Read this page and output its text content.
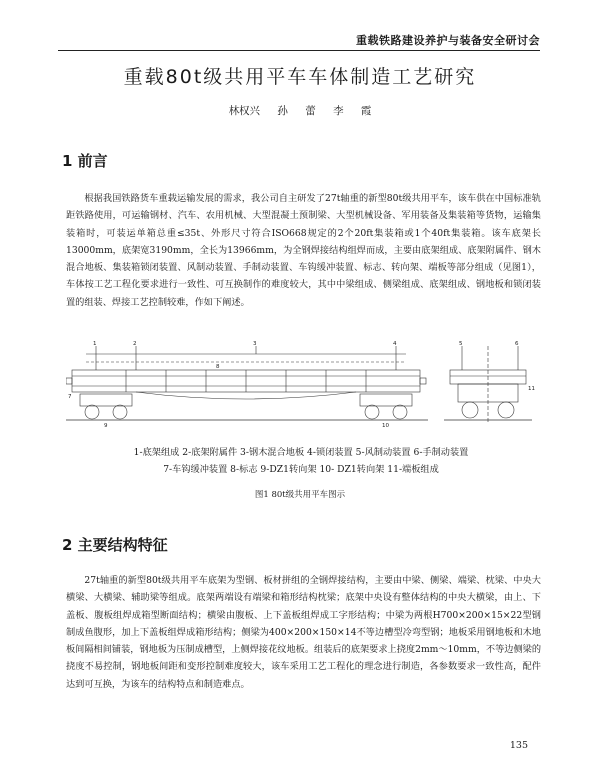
重载铁路建设养护与装备安全研讨会
重载80t级共用平车车体制造工艺研究
林权兴 孙 蕾 李 霞
1 前言

根据我国铁路货车重载运输发展的需求，我公司自主研发了27t轴重的新型80t级共用平车，该车供在中国标准轨距铁路使用，可运输钢材、汽车、农用机械、大型混凝土预制梁、大型机械设备、军用装备及集装箱等货物，运输集装箱时，可装运单箱总重≤35t、外形尺寸符合ISO668规定的2个20ft集装箱或1个40ft集装箱。该车底架长13000mm，底架宽3190mm，全长为13966mm，为全钢焊接结构组焊而成，主要由底架组成、底架附属件、钢木混合地板、集装箱锁闭装置、风制动装置、手制动装置、车钩缓冲装置、标志、转向架、端板等部分组成（见图1），车体按工艺工程化要求进行一致性、可互换制作的难度较大，其中中梁组成、侧梁组成、底架组成、钢地板和锁闭装置的组装、焊接工艺控制较难，作如下阐述。

1	2	3	4	5	6
7
8
9	10
11
1-底架组成 2-底架附属件 3-钢木混合地板 4-锁闭装置 5-风制动装置 6-手制动装置
7-车钩缓冲装置 8-标志 9-DZ1转向架 10- DZ1转向架 11-端板组成
图1 80t级共用平车图示
2 主要结构特征

27t轴重的新型80t级共用平车底架为型钢、板材拼组的全钢焊接结构，主要由中梁、侧梁、端梁、枕梁、中央大横梁、大横梁、辅助梁等组成。底架两端设有端梁和箱形结构枕梁；底架中央设有整体结构的中央大横梁，由上、下盖板、腹板组焊成箱型断面结构；横梁由腹板、上下盖板组焊成工字形结构；中梁为两根H700×200×15×22型钢制成鱼腹形，加上下盖板组焊成箱形结构；侧梁为400×200×150×14不等边槽型冷弯型钢；地板采用钢地板和木地板间隔相间铺装，钢地板为压制成槽型，上侧焊接花纹地板。组装后的底架要求上挠度2mm～10mm，不等边侧梁的挠度不易控制，钢地板间距和变形控制难度较大，该车采用工艺工程化的理念进行制造，各参数要求一致性高，配件达到可互换，为该车的结构特点和制造难点。

135
